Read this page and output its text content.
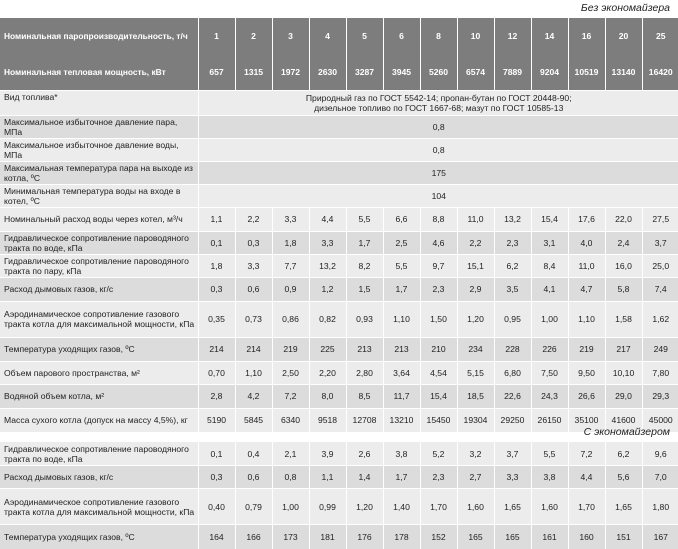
Без экономайзера
Номинальная паропроизводительность, т/ч	1	2	3	4	5	6	8	10	12	14	16	20	25
Номинальная тепловая мощность, кВт	657	1315	1972	2630	3287	3945	5260	6574	7889	9204	10519	13140	16420
Вид топлива*	Природный газ по ГОСТ 5542-14; пропан-бутан по ГОСТ 20448-90;
дизельное топливо по ГОСТ 1667-68; мазут по ГОСТ 10585-13												

Максимальное избыточное давление пара, МПа	0,8												
Максимальное избыточное давление воды, МПа	0,8												
Максимальная температура пара на выходе из котла, ºС	175												
Минимальная температура воды на входе в котел, ºС	104												
Номинальный расход воды через котел, м³/ч	1,1	2,2	3,3	4,4	5,5	6,6	8,8	11,0	13,2	15,4	17,6	22,0	27,5
Гидравлическое сопротивление пароводяного тракта по воде, кПа	0,1	0,3	1,8	3,3	1,7	2,5	4,6	2,2	2,3	3,1	4,0	2,4	3,7
Гидравлическое сопротивление пароводяного тракта по пару, кПа	1,8	3,3	7,7	13,2	8,2	5,5	9,7	15,1	6,2	8,4	11,0	16,0	25,0
Расход дымовых газов, кг/с	0,3	0,6	0,9	1,2	1,5	1,7	2,3	2,9	3,5	4,1	4,7	5,8	7,4
Аэродинамическое сопротивление газового тракта котла для максимальной мощности, кПа	0,35	0,73	0,86	0,82	0,93	1,10	1,50	1,20	0,95	1,00	1,10	1,58	1,62
Температура уходящих газов, ºС	214	214	219	225	213	213	210	234	228	226	219	217	249
Объем парового пространства, м²	0,70	1,10	2,50	2,20	2,80	3,64	4,54	5,15	6,80	7,50	9,50	10,10	7,80
Водяной объем котла, м²	2,8	4,2	7,2	8,0	8,5	11,7	15,4	18,5	22,6	24,3	26,6	29,0	29,3
Масса сухого котла (допуск на массу 4,5%), кг	5190	5845	6340	9518	12708	13210	15450	19304	29250	26150	35100	41600	45000
С экономайзером
Гидравлическое сопротивление пароводяного тракта по воде, кПа	0,1	0,4	2,1	3,9	2,6	3,8	5,2	3,2	3,7	5,5	7,2	6,2	9,6
Расход дымовых газов, кг/с	0,3	0,6	0,8	1,1	1,4	1,7	2,3	2,7	3,3	3,8	4,4	5,6	7,0
Аэродинамическое сопротивление газового тракта котла для максимальной мощности, кПа	0,40	0,79	1,00	0,99	1,20	1,40	1,70	1,60	1,65	1,60	1,70	1,65	1,80
Температура уходящих газов, ºС	164	166	173	181	176	178	152	165	165	161	160	151	167
